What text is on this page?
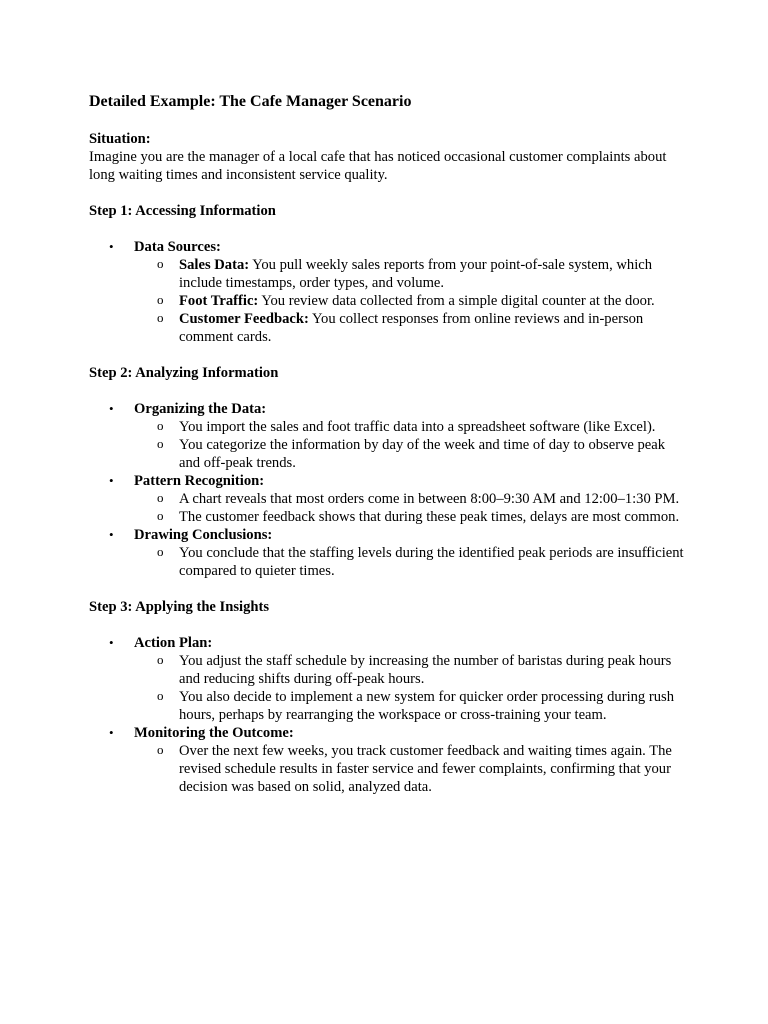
Detailed Example: The Cafe Manager Scenario
Situation:

Imagine you are the manager of a local cafe that has noticed occasional customer complaints about long waiting times and inconsistent service quality.

Step 1: Accessing Information
• Data Sources:
o Sales Data: You pull weekly sales reports from your point-of-sale system, which include timestamps, order types, and volume.
o Foot Traffic: You review data collected from a simple digital counter at the door.
o Customer Feedback: You collect responses from online reviews and in-person comment cards.
Step 2: Analyzing Information
• Organizing the Data:
o You import the sales and foot traffic data into a spreadsheet software (like Excel).
o You categorize the information by day of the week and time of day to observe peak and off-peak trends.
• Pattern Recognition:
o A chart reveals that most orders come in between 8:00–9:30 AM and 12:00–1:30 PM.
o The customer feedback shows that during these peak times, delays are most common.
• Drawing Conclusions:
o You conclude that the staffing levels during the identified peak periods are insufficient compared to quieter times.
Step 3: Applying the Insights
• Action Plan:
o You adjust the staff schedule by increasing the number of baristas during peak hours and reducing shifts during off-peak hours.
o You also decide to implement a new system for quicker order processing during rush hours, perhaps by rearranging the workspace or cross-training your team.
• Monitoring the Outcome:
o Over the next few weeks, you track customer feedback and waiting times again. The revised schedule results in faster service and fewer complaints, confirming that your decision was based on solid, analyzed data.
